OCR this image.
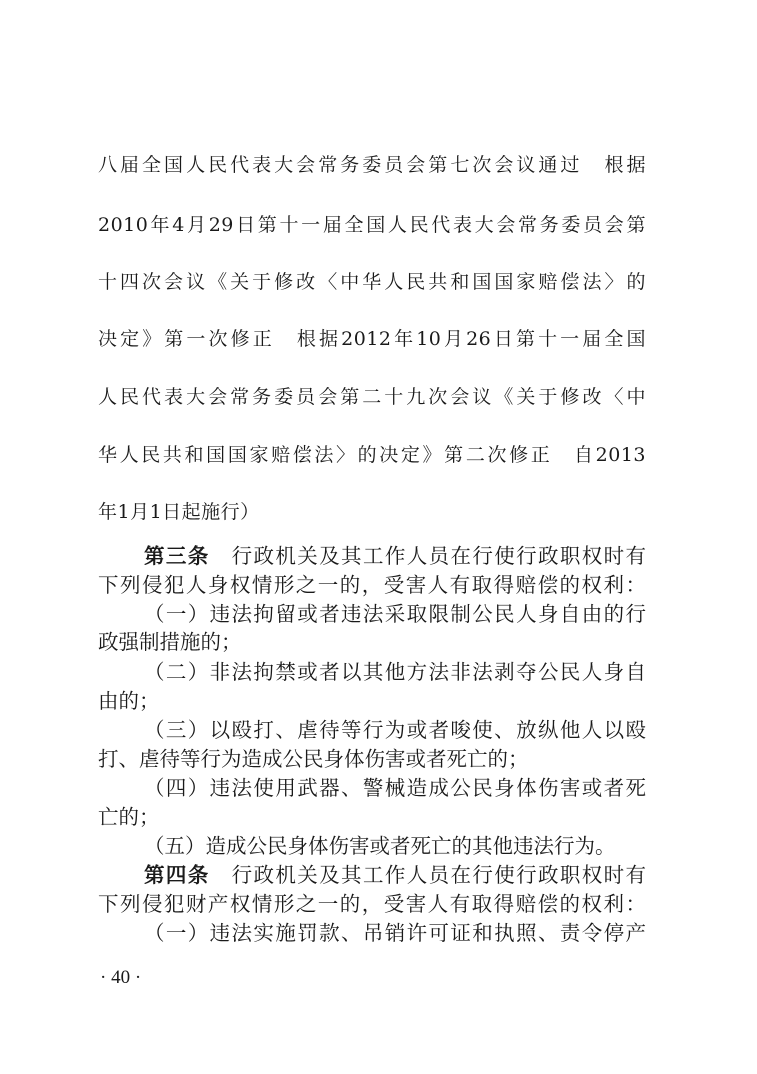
八届全国人民代表大会常务委员会第七次会议通过　根据
2010年4月29日第十一届全国人民代表大会常务委员会第
十四次会议《关于修改〈中华人民共和国国家赔偿法〉的
决定》第一次修正　根据2012年10月26日第十一届全国
人民代表大会常务委员会第二十九次会议《关于修改〈中
华人民共和国国家赔偿法〉的决定》第二次修正　自2013
年1月1日起施行）
第三条 行政机关及其工作人员在行使行政职权时有
下列侵犯人身权情形之一的，受害人有取得赔偿的权利：
（一）违法拘留或者违法采取限制公民人身自由的行
政强制措施的；
（二）非法拘禁或者以其他方法非法剥夺公民人身自
由的；
（三）以殴打、虐待等行为或者唆使、放纵他人以殴
打、虐待等行为造成公民身体伤害或者死亡的；
（四）违法使用武器、警械造成公民身体伤害或者死
亡的；
（五）造成公民身体伤害或者死亡的其他违法行为。
第四条 行政机关及其工作人员在行使行政职权时有
下列侵犯财产权情形之一的，受害人有取得赔偿的权利：
（一）违法实施罚款、吊销许可证和执照、责令停产
· 40 ·
